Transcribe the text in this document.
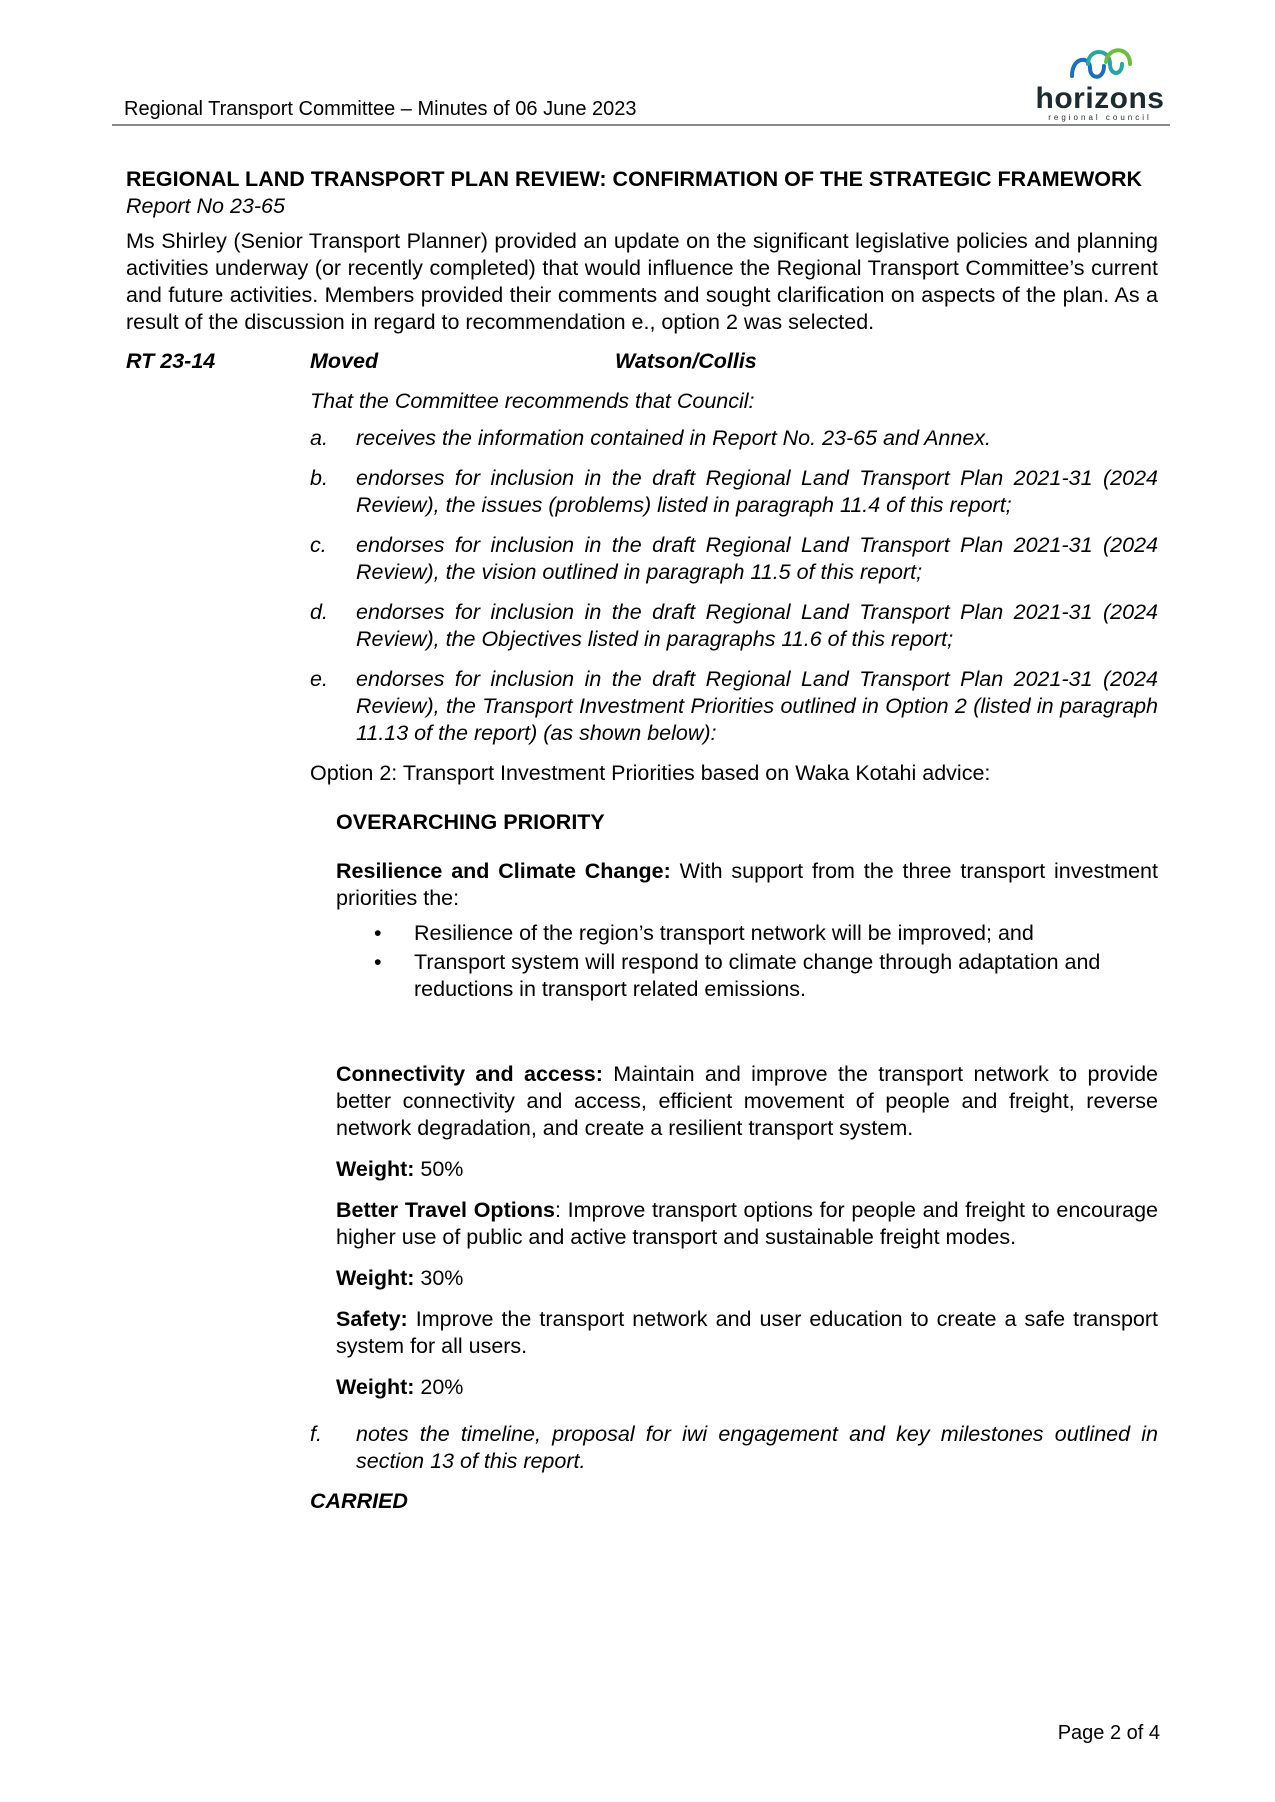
Regional Transport Committee – Minutes of 06 June 2023	horizons
regional council
REGIONAL LAND TRANSPORT PLAN REVIEW: CONFIRMATION OF THE STRATEGIC FRAMEWORK
Report No 23-65

Ms Shirley (Senior Transport Planner) provided an update on the significant legislative policies and planning activities underway (or recently completed) that would influence the Regional Transport Committee’s current and future activities. Members provided their comments and sought clarification on aspects of the plan. As a result of the discussion in regard to recommendation e., option 2 was selected.

RT 23-14	Moved	Watson/Collis
That the Committee recommends that Council:
a. receives the information contained in Report No. 23-65 and Annex.
b. endorses for inclusion in the draft Regional Land Transport Plan 2021-31 (2024 Review), the issues (problems) listed in paragraph 11.4 of this report;
c. endorses for inclusion in the draft Regional Land Transport Plan 2021-31 (2024 Review), the vision outlined in paragraph 11.5 of this report;
d. endorses for inclusion in the draft Regional Land Transport Plan 2021-31 (2024 Review), the Objectives listed in paragraphs 11.6 of this report;
e. endorses for inclusion in the draft Regional Land Transport Plan 2021-31 (2024 Review), the Transport Investment Priorities outlined in Option 2 (listed in paragraph 11.13 of the report) (as shown below):
Option 2: Transport Investment Priorities based on Waka Kotahi advice:

OVERARCHING PRIORITY

Resilience and Climate Change: With support from the three transport investment priorities the:

• Resilience of the region’s transport network will be improved; and
• Transport system will respond to climate change through adaptation and reductions in transport related emissions.

Connectivity and access: Maintain and improve the transport network to provide better connectivity and access, efficient movement of people and freight, reverse network degradation, and create a resilient transport system.

Weight: 50%

Better Travel Options: Improve transport options for people and freight to encourage higher use of public and active transport and sustainable freight modes.

Weight: 30%

Safety: Improve the transport network and user education to create a safe transport system for all users.

Weight: 20%

f. notes the timeline, proposal for iwi engagement and key milestones outlined in section 13 of this report.
CARRIED
Page 2 of 4
